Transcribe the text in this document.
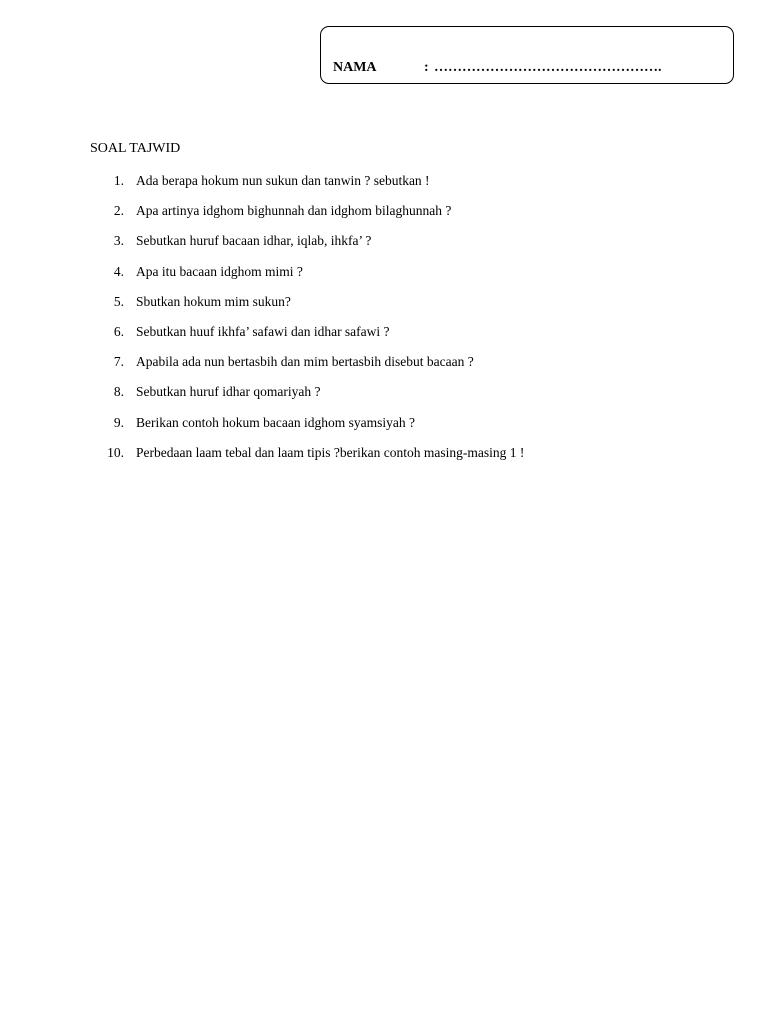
NAMA	: ………………………………………….
SOAL TAJWID
1. Ada berapa hokum nun sukun dan tanwin ? sebutkan !
2. Apa artinya idghom bighunnah dan idghom bilaghunnah ?
3. Sebutkan huruf bacaan idhar, iqlab, ihkfa’ ?
4. Apa itu bacaan idghom mimi ?
5. Sbutkan hokum mim sukun?
6. Sebutkan huuf ikhfa’ safawi dan idhar safawi ?
7. Apabila ada nun bertasbih dan mim bertasbih disebut bacaan ?
8. Sebutkan huruf idhar qomariyah ?
9. Berikan contoh hokum bacaan idghom syamsiyah ?
10. Perbedaan laam tebal dan laam tipis ?berikan contoh masing-masing 1 !
